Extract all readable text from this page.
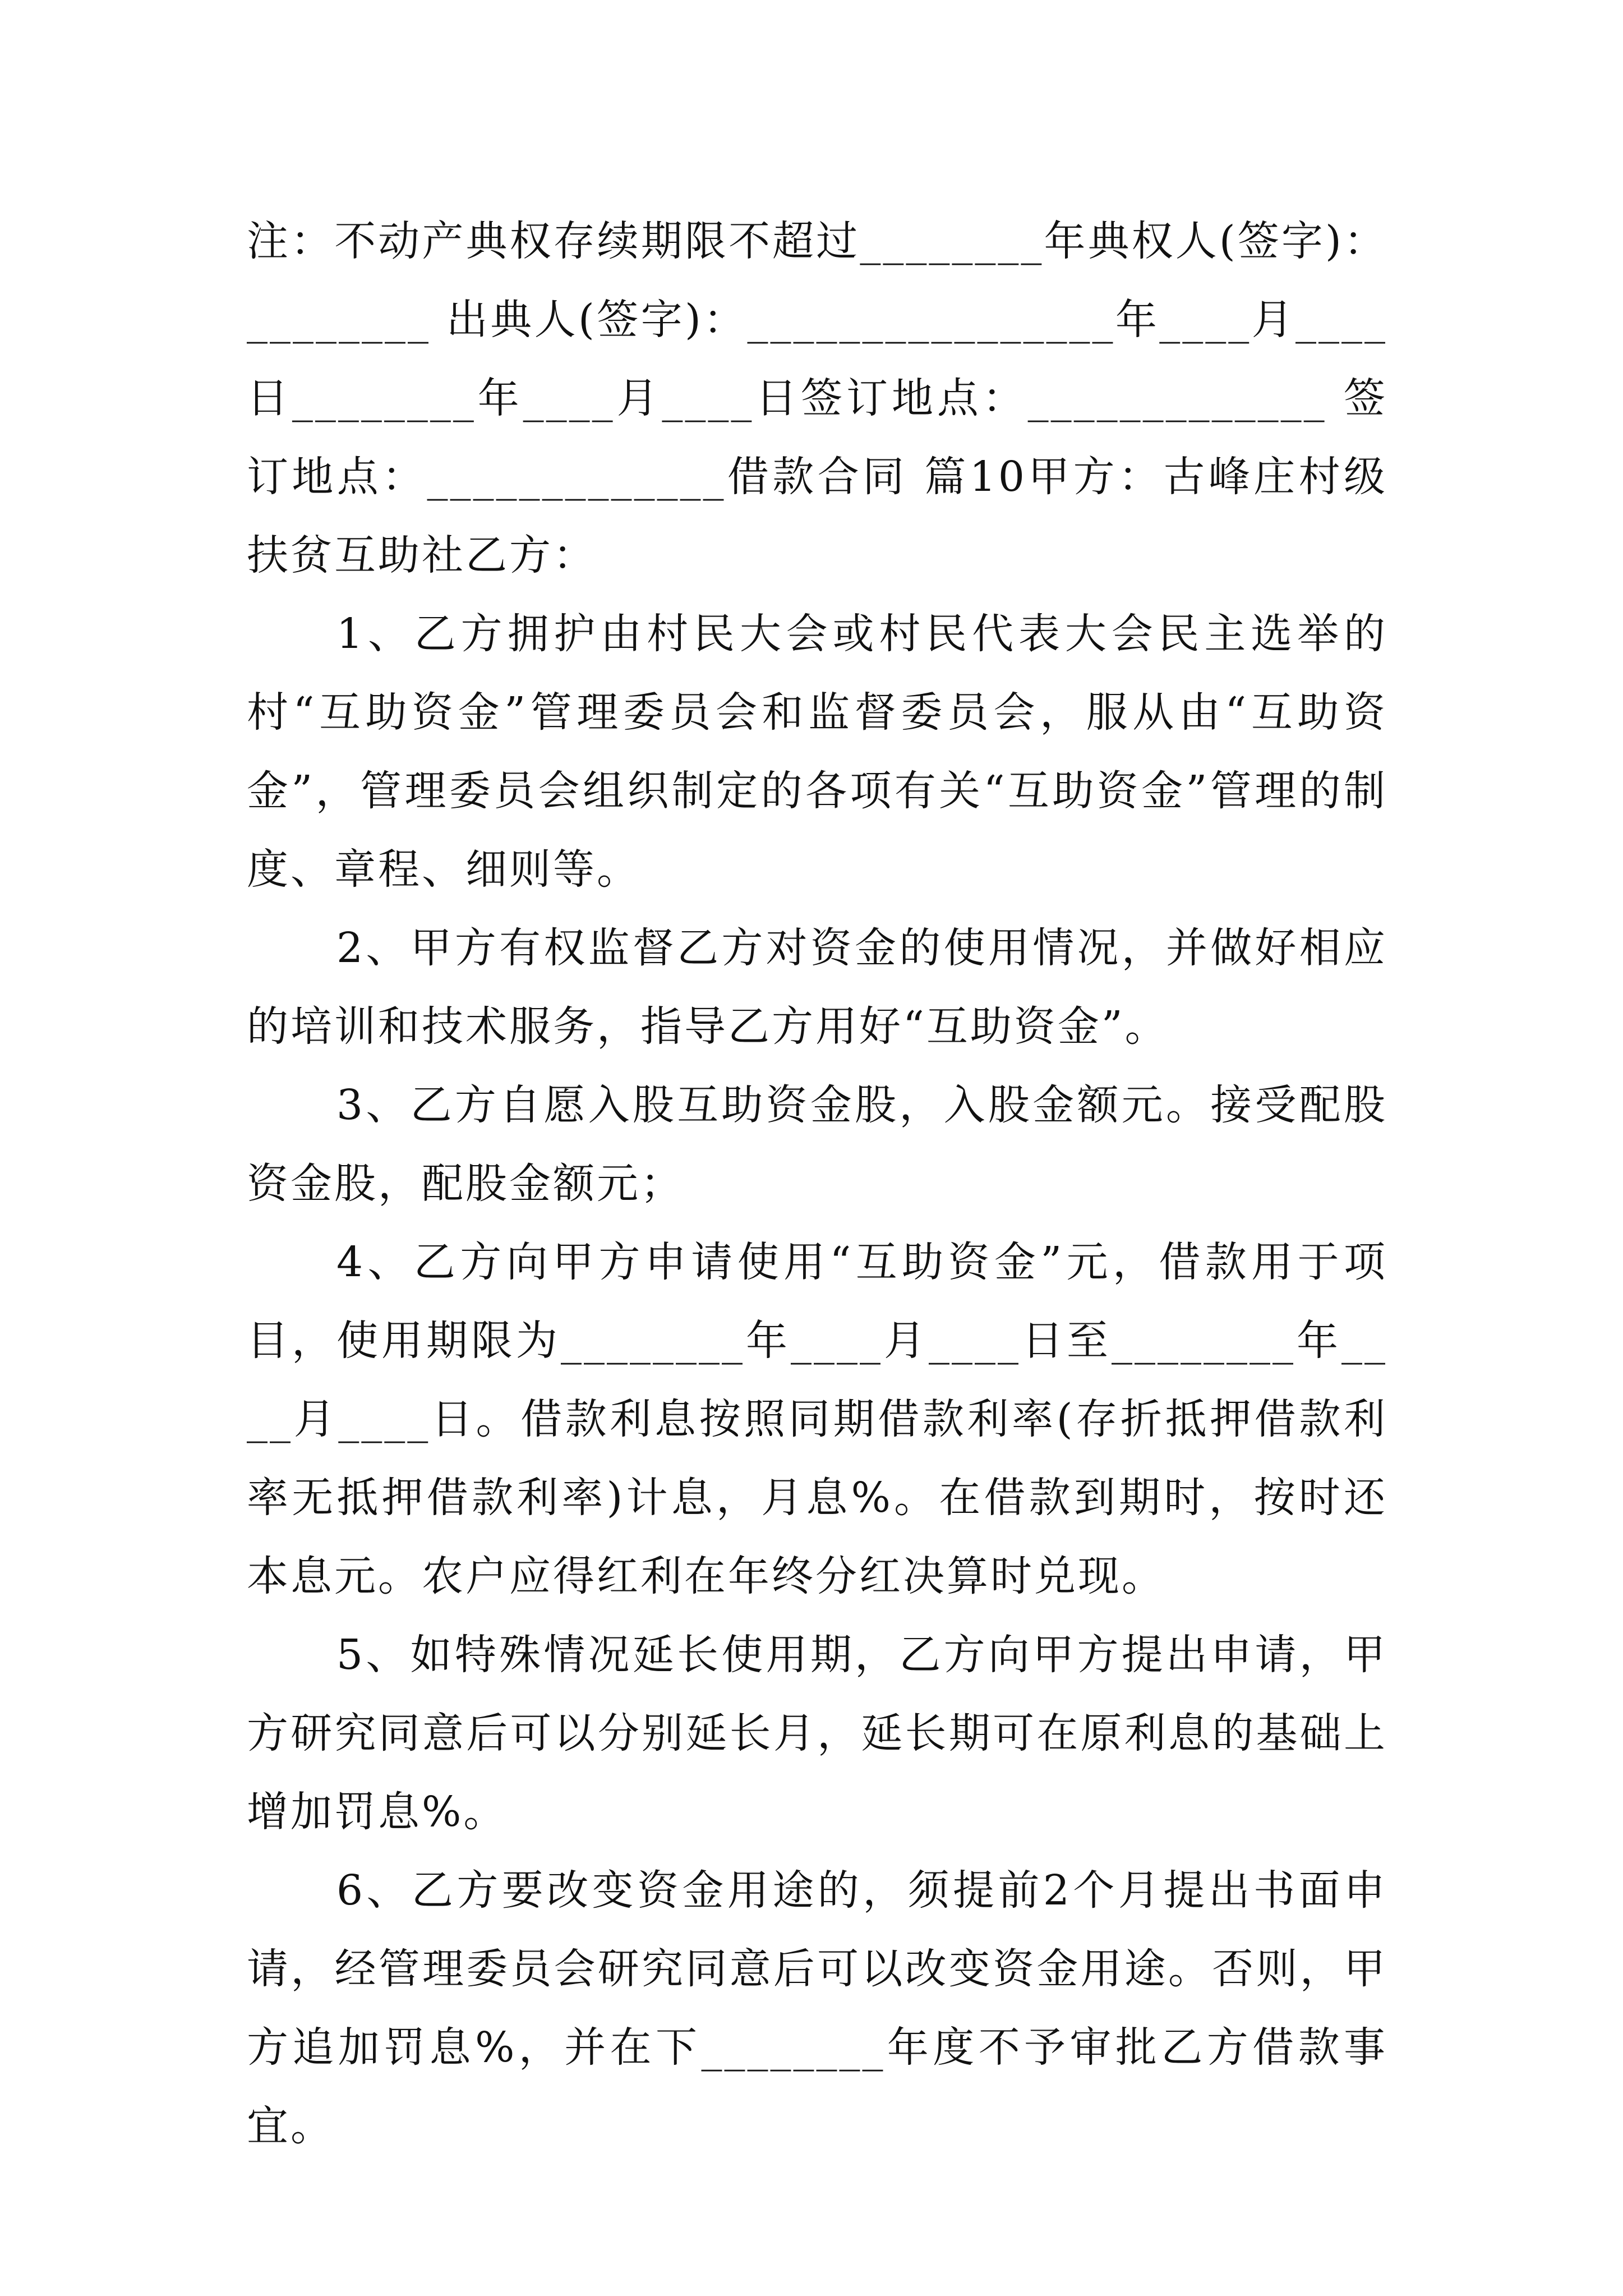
注：不动产典权存续期限不超过________年典权人(签字)：________ 出典人(签字)：________________年____月____日________年____月____日签订地点：_____________ 签订地点：_____________借款合同 篇10甲方：古峰庄村级扶贫互助社乙方：

1、乙方拥护由村民大会或村民代表大会民主选举的村“互助资金”管理委员会和监督委员会，服从由“互助资金”，管理委员会组织制定的各项有关“互助资金”管理的制度、章程、细则等。

2、甲方有权监督乙方对资金的使用情况，并做好相应的培训和技术服务，指导乙方用好“互助资金”。

3、乙方自愿入股互助资金股，入股金额元。接受配股资金股，配股金额元；

4、乙方向甲方申请使用“互助资金”元，借款用于项目，使用期限为________年____月____日至________年____月____日。借款利息按照同期借款利率(存折抵押借款利率无抵押借款利率)计息，月息%。在借款到期时，按时还本息元。农户应得红利在年终分红决算时兑现。

5、如特殊情况延长使用期，乙方向甲方提出申请，甲方研究同意后可以分别延长月，延长期可在原利息的基础上增加罚息%。

6、乙方要改变资金用途的，须提前2个月提出书面申请，经管理委员会研究同意后可以改变资金用途。否则，甲方追加罚息%，并在下________年度不予审批乙方借款事宜。
